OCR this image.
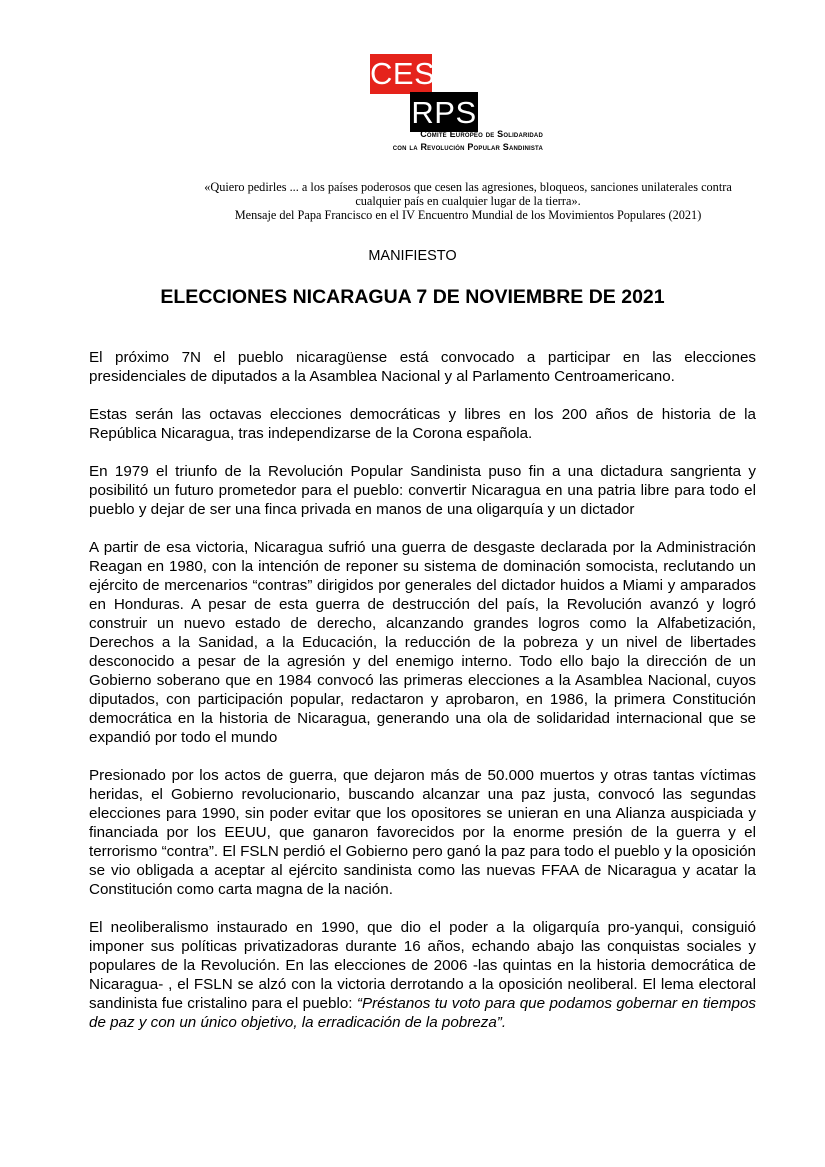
CES
RPS
Comité Europeo de Solidaridad
con la Revolución Popular Sandinista
«Quiero pedirles ... a los países poderosos que cesen las agresiones, bloqueos, sanciones unilaterales contra cualquier país en cualquier lugar de la tierra».
Mensaje del Papa Francisco en el IV Encuentro Mundial de los Movimientos Populares (2021)
MANIFIESTO
ELECCIONES NICARAGUA 7 DE NOVIEMBRE DE 2021

El próximo 7N el pueblo nicaragüense está convocado a participar en las elecciones presidenciales de diputados a la Asamblea Nacional y al Parlamento Centroamericano.

Estas serán las octavas elecciones democráticas y libres en los 200 años de historia de la República Nicaragua, tras independizarse de la Corona española.

En 1979 el triunfo de la Revolución Popular Sandinista puso fin a una dictadura sangrienta y posibilitó un futuro prometedor para el pueblo: convertir Nicaragua en una patria libre para todo el pueblo y dejar de ser una finca privada en manos de una oligarquía y un dictador

A partir de esa victoria, Nicaragua sufrió una guerra de desgaste declarada por la Administración Reagan en 1980, con la intención de reponer su sistema de dominación somocista, reclutando un ejército de mercenarios “contras” dirigidos por generales del dictador huidos a Miami y amparados en Honduras. A pesar de esta guerra de destrucción del país, la Revolución avanzó y logró construir un nuevo estado de derecho, alcanzando grandes logros como la Alfabetización, Derechos a la Sanidad, a la Educación, la reducción de la pobreza y un nivel de libertades desconocido a pesar de la agresión y del enemigo interno. Todo ello bajo la dirección de un Gobierno soberano que en 1984 convocó las primeras elecciones a la Asamblea Nacional, cuyos diputados, con participación popular, redactaron y aprobaron, en 1986, la primera Constitución democrática en la historia de Nicaragua, generando una ola de solidaridad internacional que se expandió por todo el mundo

Presionado por los actos de guerra, que dejaron más de 50.000 muertos y otras tantas víctimas heridas, el Gobierno revolucionario, buscando alcanzar una paz justa, convocó las segundas elecciones para 1990, sin poder evitar que los opositores se unieran en una Alianza auspiciada y financiada por los EEUU, que ganaron favorecidos por la enorme presión de la guerra y el terrorismo “contra”. El FSLN perdió el Gobierno pero ganó la paz para todo el pueblo y la oposición se vio obligada a aceptar al ejército sandinista como las nuevas FFAA de Nicaragua y acatar la Constitución como carta magna de la nación.

El neoliberalismo instaurado en 1990, que dio el poder a la oligarquía pro-yanqui, consiguió imponer sus políticas privatizadoras durante 16 años, echando abajo las conquistas sociales y populares de la Revolución. En las elecciones de 2006 -las quintas en la historia democrática de Nicaragua- , el FSLN se alzó con la victoria derrotando a la oposición neoliberal. El lema electoral sandinista fue cristalino para el pueblo: “Préstanos tu voto para que podamos gobernar en tiempos de paz y con un único objetivo, la erradicación de la pobreza”.
